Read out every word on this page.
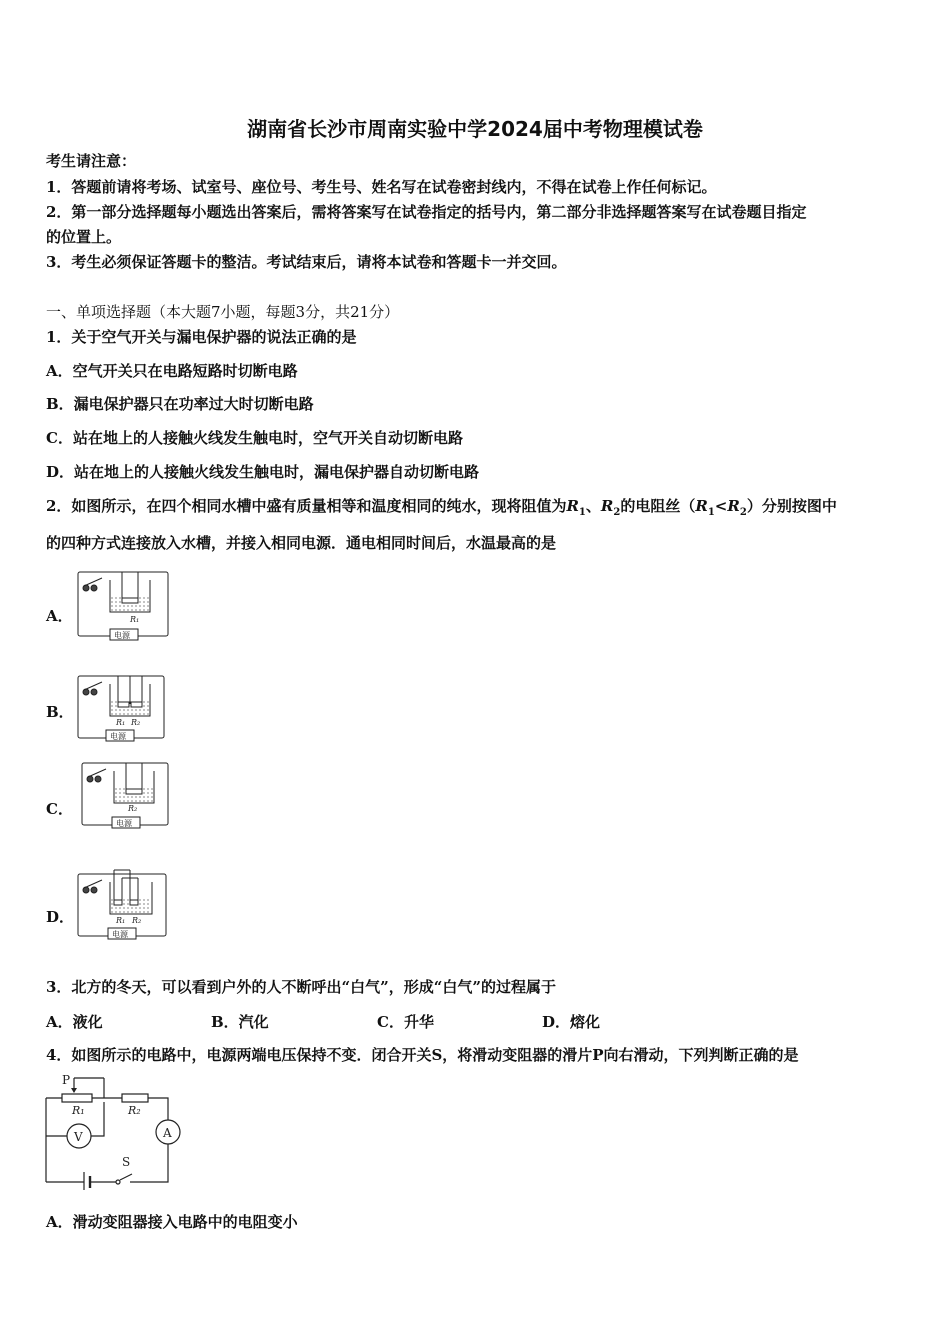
湖南省长沙市周南实验中学2024届中考物理模试卷
考生请注意：
1．答题前请将考场、试室号、座位号、考生号、姓名写在试卷密封线内，不得在试卷上作任何标记。
2．第一部分选择题每小题选出答案后，需将答案写在试卷指定的括号内，第二部分非选择题答案写在试卷题目指定
的位置上。
3．考生必须保证答题卡的整洁。考试结束后，请将本试卷和答题卡一并交回。
一、单项选择题（本大题7小题，每题3分，共21分）
1．关于空气开关与漏电保护器的说法正确的是
A．空气开关只在电路短路时切断电路
B．漏电保护器只在功率过大时切断电路
C．站在地上的人接触火线发生触电时，空气开关自动切断电路
D．站在地上的人接触火线发生触电时，漏电保护器自动切断电路
2．如图所示，在四个相同水槽中盛有质量相等和温度相同的纯水，现将阻值为$R_1$、$R_2$的电阻丝$(R_1<R_2)$分别按图中
的四种方式连接放入水槽，并接入相同电源．通电相同时间后，水温最高的是
A．	R₁
电源
B．
R₁ R₂
电源
C．	R₂
电源
D．	R₁ R₂
电源
3．北方的冬天，可以看到户外的人不断呼出“白气”，形成“白气”的过程属于
A．液化	B．汽化	C．升华	D．熔化
4．如图所示的电路中，电源两端电压保持不变．闭合开关S，将滑动变阻器的滑片P向右滑动，下列判断正确的是
P
R₁	R₂
V	A
S
A．滑动变阻器接入电路中的电阻变小
